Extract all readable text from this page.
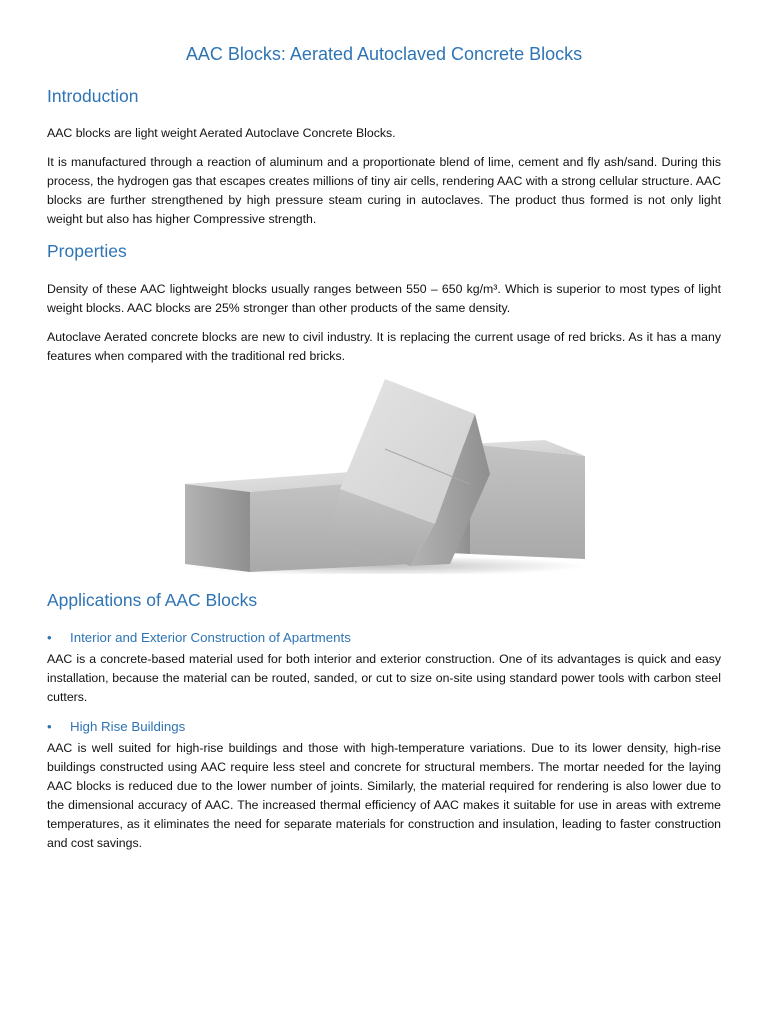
AAC Blocks: Aerated Autoclaved Concrete Blocks
Introduction

AAC blocks are light weight Aerated Autoclave Concrete Blocks.

It is manufactured through a reaction of aluminum and a proportionate blend of lime, cement and fly ash/sand. During this process, the hydrogen gas that escapes creates millions of tiny air cells, rendering AAC with a strong cellular structure. AAC blocks are further strengthened by high pressure steam curing in autoclaves. The product thus formed is not only light weight but also has higher Compressive strength.

Properties

Density of these AAC lightweight blocks usually ranges between 550 – 650 kg/m³. Which is superior to most types of light weight blocks. AAC blocks are 25% stronger than other products of the same density.

Autoclave Aerated concrete blocks are new to civil industry. It is replacing the current usage of red bricks. As it has a many features when compared with the traditional red bricks.

Applications of AAC Blocks
• Interior and Exterior Construction of Apartments

AAC is a concrete-based material used for both interior and exterior construction. One of its advantages is quick and easy installation, because the material can be routed, sanded, or cut to size on-site using standard power tools with carbon steel cutters.

• High Rise Buildings

AAC is well suited for high-rise buildings and those with high-temperature variations. Due to its lower density, high-rise buildings constructed using AAC require less steel and concrete for structural members. The mortar needed for the laying AAC blocks is reduced due to the lower number of joints. Similarly, the material required for rendering is also lower due to the dimensional accuracy of AAC. The increased thermal efficiency of AAC makes it suitable for use in areas with extreme temperatures, as it eliminates the need for separate materials for construction and insulation, leading to faster construction and cost savings.
